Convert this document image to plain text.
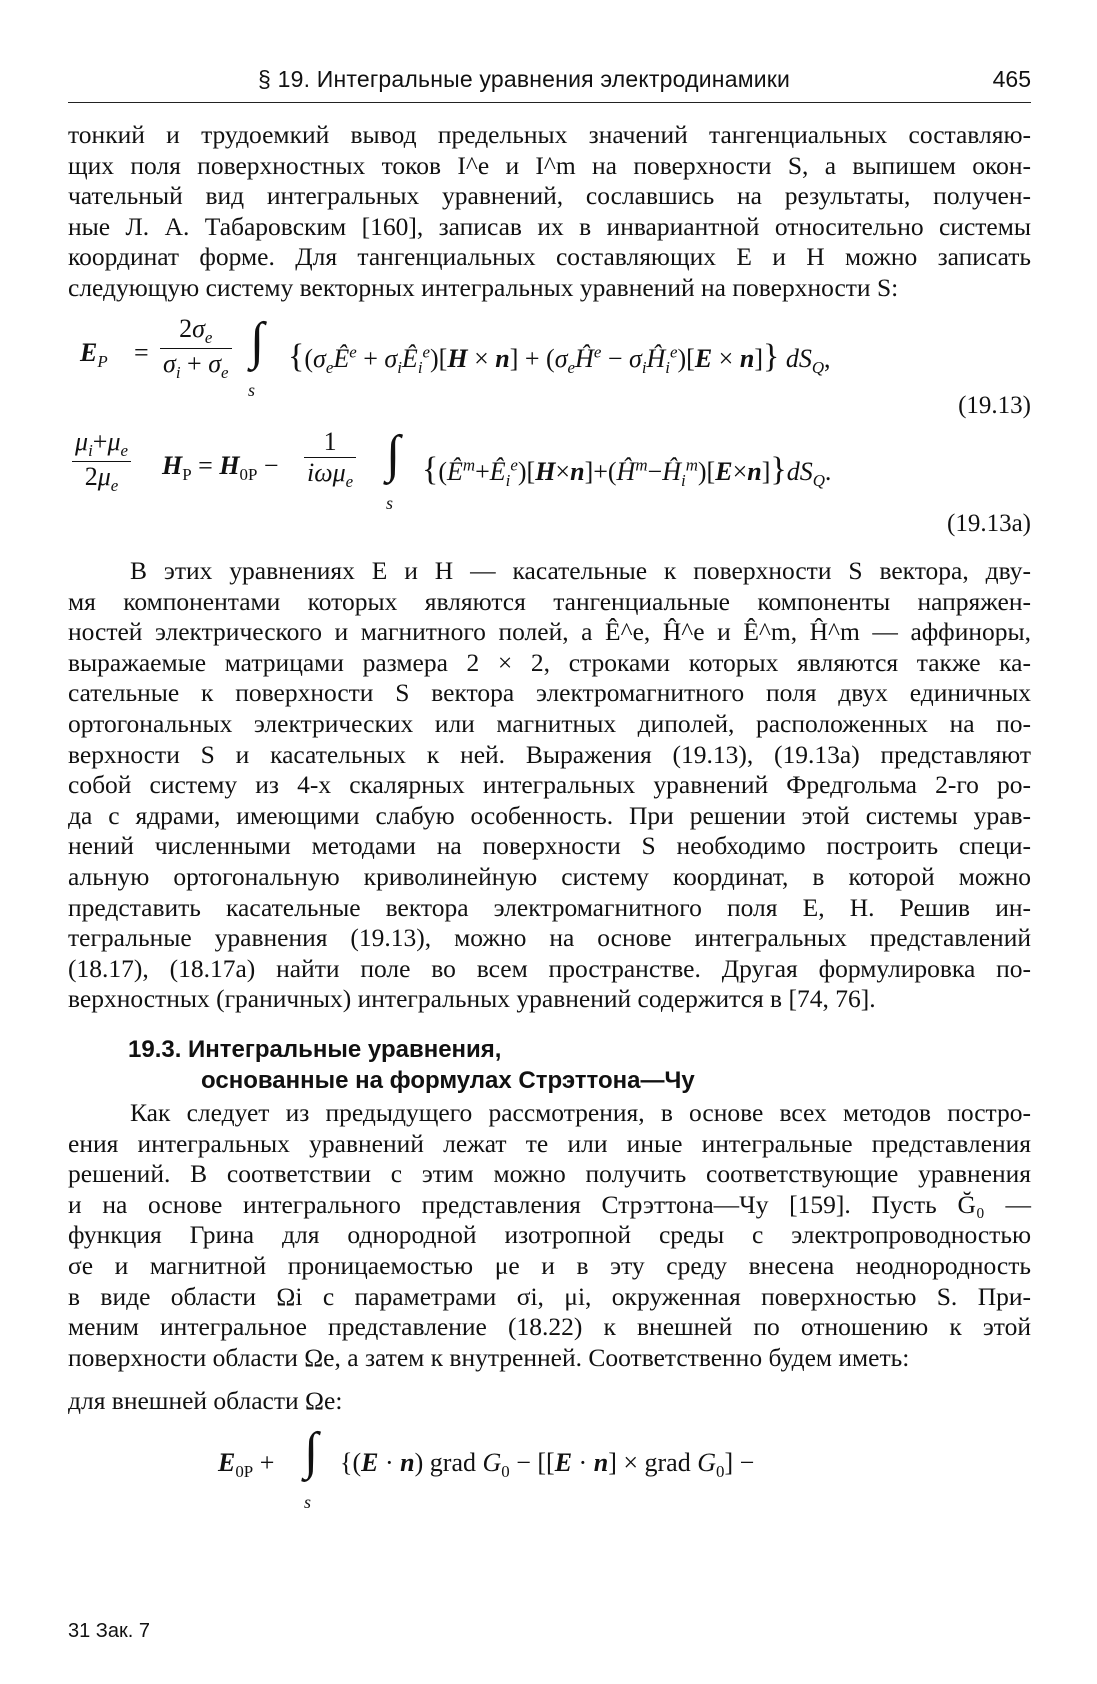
§ 19. Интегральные уравнения электродинамики	465
тонкий и трудоемкий вывод предельных значений тангенциальных составляю-
щих поля поверхностных токов I^e и I^m на поверхности S, а выпишем окон-
чательный вид интегральных уравнений, сославшись на результаты, получен-
ные Л. А. Табаровским [160], записав их в инвариантной относительно системы
координат форме. Для тангенциальных составляющих E и H можно записать
следующую систему векторных интегральных уравнений на поверхности S:
$E_P = \frac{2\sigma_e}{\sigma_i + \sigma_e}$ ∫
s
{($\sigma_eÊ^e$ + $\sigma_iÊ_i^e)[H \times n]$ + ($\sigma_eĤ^e$ − $\sigma_iĤ_i^e)[E \times n]$} $dS_Q$,
(19.13)
$\frac{\mu_i+\mu_e}{2\mu_e} H_P = H_{0P}$ −
1
iωμ$_e$ ∫
s
$\{(Ê^m+Ê_i^e)[H\times n]+(Ĥ^m-Ĥ_i^m)[E\times n]\}dS_Q$.
(19.13a)
В этих уравнениях E и H — касательные к поверхности S вектора, дву-
мя компонентами которых являются тангенциальные компоненты напряжен-
ностей электрического и магнитного полей, а Ê^e, Ĥ^e и Ê^m, Ĥ^m — аффиноры,
выражаемые матрицами размера 2 × 2, строками которых являются также ка-
сательные к поверхности S вектора электромагнитного поля двух единичных
ортогональных электрических или магнитных диполей, расположенных на по-
верхности S и касательных к ней. Выражения (19.13), (19.13a) представляют
собой систему из 4-х скалярных интегральных уравнений Фредгольма 2-го ро-
да с ядрами, имеющими слабую особенность. При решении этой системы урав-
нений численными методами на поверхности S необходимо построить специ-
альную ортогональную криволинейную систему координат, в которой можно
представить касательные вектора электромагнитного поля E, H. Решив ин-
тегральные уравнения (19.13), можно на основе интегральных представлений
(18.17), (18.17a) найти поле во всем пространстве. Другая формулировка по-
верхностных (граничных) интегральных уравнений содержится в [74, 76].
19.3. Интегральные уравнения,
основанные на формулах Стрэттона—Чу
Как следует из предыдущего рассмотрения, в основе всех методов постро-
ения интегральных уравнений лежат те или иные интегральные представления
решений. В соответствии с этим можно получить соответствующие уравнения
и на основе интегрального представления Стрэттона—Чу [159]. Пусть Ğ₀ —
функция Грина для однородной изотропной среды с электропроводностью
σe и магнитной проницаемостью μe и в эту среду внесена неоднородность
в виде области Ωi с параметрами σi, μi, окруженная поверхностью S. При-
меним интегральное представление (18.22) к внешней по отношению к этой
поверхности области Ωe, а затем к внутренней. Соответственно будем иметь:
для внешней области Ωe:
$E_{0P}$ + ∫
s
{(E · n) grad $G_0 - [[E \cdot n]$ × grad $G_0$] −
31 Зак. 7
